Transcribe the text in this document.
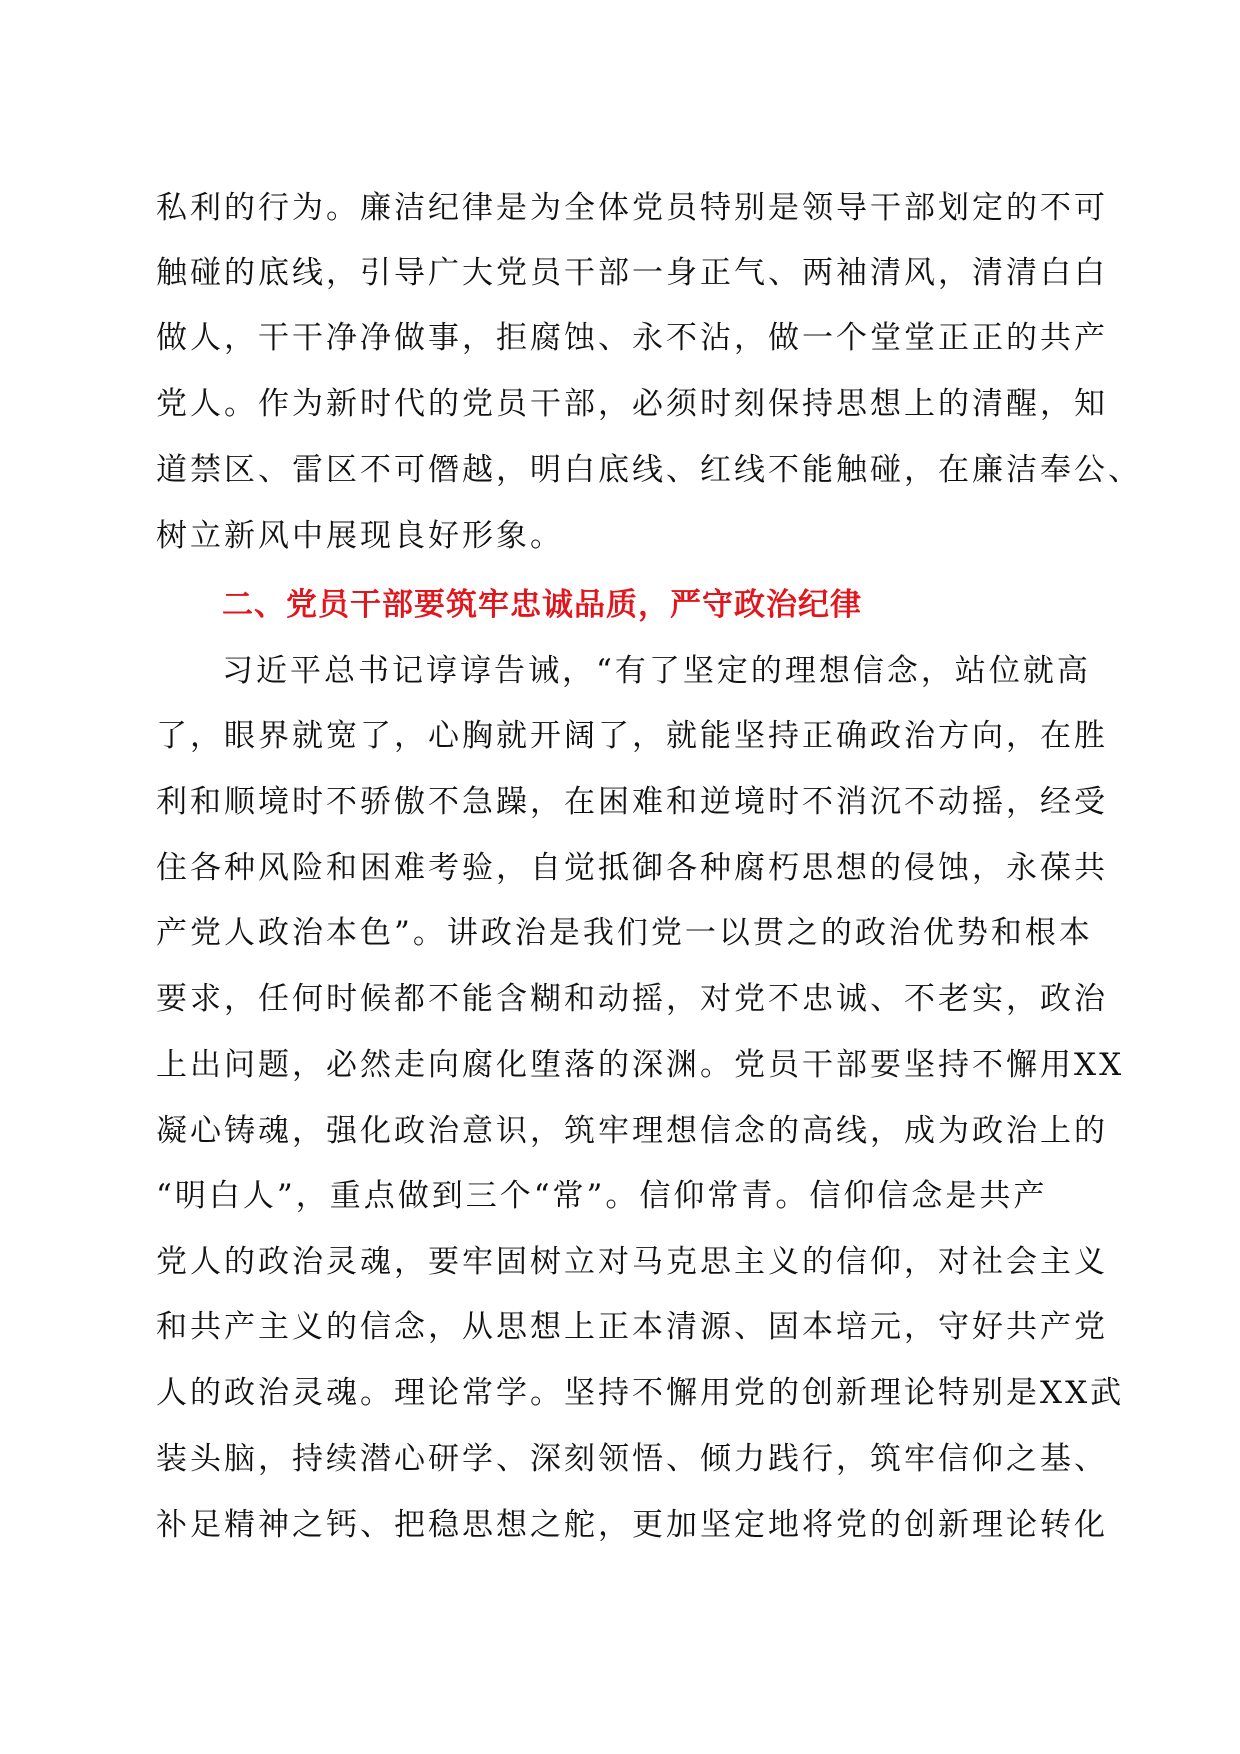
私利的行为。廉洁纪律是为全体党员特别是领导干部划定的不可
触碰的底线，引导广大党员干部一身正气、两袖清风，清清白白
做人，干干净净做事，拒腐蚀、永不沾，做一个堂堂正正的共产
党人。作为新时代的党员干部，必须时刻保持思想上的清醒，知
道禁区、雷区不可僭越，明白底线、红线不能触碰，在廉洁奉公、
树立新风中展现良好形象。
二、党员干部要筑牢忠诚品质，严守政治纪律
习近平总书记谆谆告诫，“有了坚定的理想信念，站位就高
了，眼界就宽了，心胸就开阔了，就能坚持正确政治方向，在胜
利和顺境时不骄傲不急躁，在困难和逆境时不消沉不动摇，经受
住各种风险和困难考验，自觉抵御各种腐朽思想的侵蚀，永葆共
产党人政治本色”。讲政治是我们党一以贯之的政治优势和根本
要求，任何时候都不能含糊和动摇，对党不忠诚、不老实，政治
上出问题，必然走向腐化堕落的深渊。党员干部要坚持不懈用XX
凝心铸魂，强化政治意识，筑牢理想信念的高线，成为政治上的
“明白人”，重点做到三个“常”。信仰常青。信仰信念是共产
党人的政治灵魂，要牢固树立对马克思主义的信仰，对社会主义
和共产主义的信念，从思想上正本清源、固本培元，守好共产党
人的政治灵魂。理论常学。坚持不懈用党的创新理论特别是XX武
装头脑，持续潜心研学、深刻领悟、倾力践行，筑牢信仰之基、
补足精神之钙、把稳思想之舵，更加坚定地将党的创新理论转化
